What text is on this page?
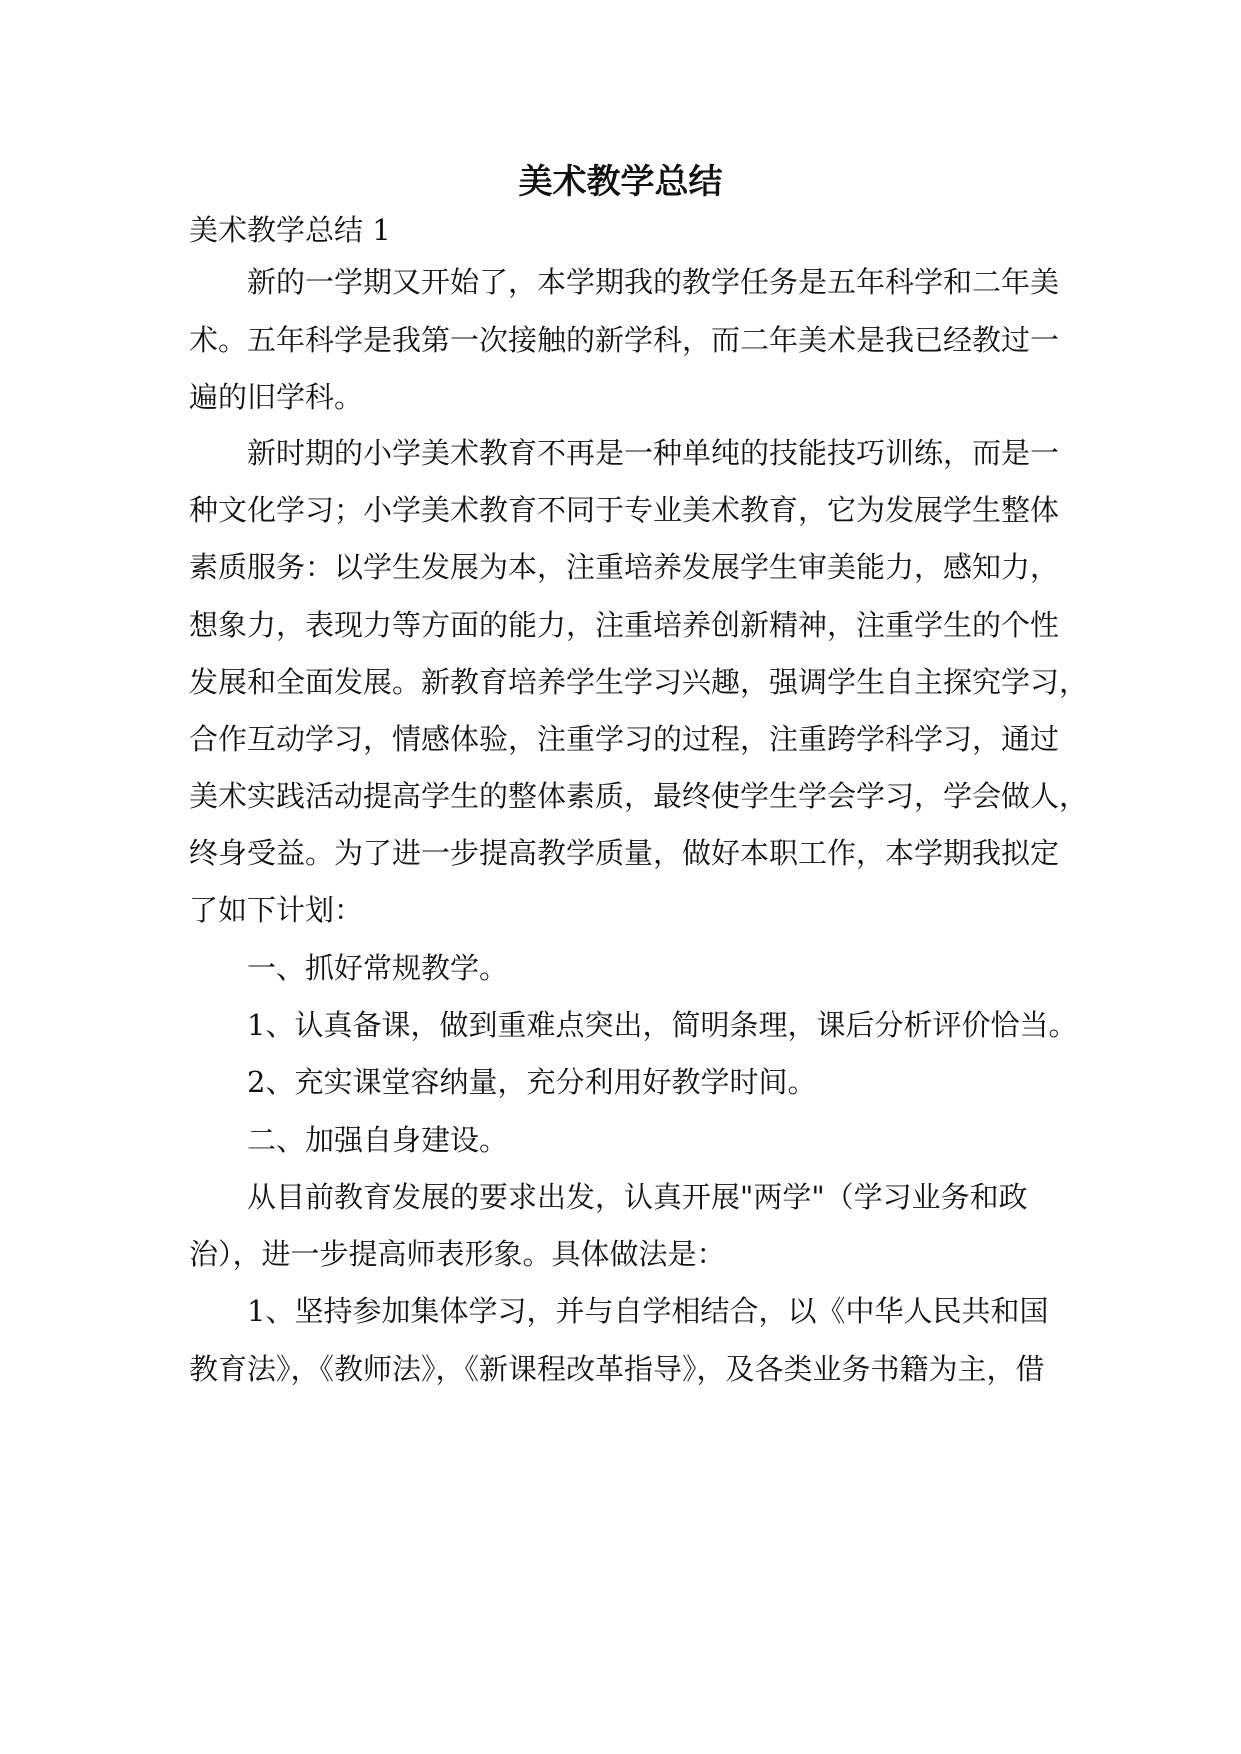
美术教学总结
美术教学总结 1
新的一学期又开始了，本学期我的教学任务是五年科学和二年美
术。五年科学是我第一次接触的新学科，而二年美术是我已经教过一
遍的旧学科。
新时期的小学美术教育不再是一种单纯的技能技巧训练，而是一
种文化学习；小学美术教育不同于专业美术教育，它为发展学生整体
素质服务：以学生发展为本，注重培养发展学生审美能力，感知力，
想象力，表现力等方面的能力，注重培养创新精神，注重学生的个性
发展和全面发展。新教育培养学生学习兴趣，强调学生自主探究学习，
合作互动学习，情感体验，注重学习的过程，注重跨学科学习，通过
美术实践活动提高学生的整体素质，最终使学生学会学习，学会做人，
终身受益。为了进一步提高教学质量，做好本职工作，本学期我拟定
了如下计划：
一、抓好常规教学。
1、认真备课，做到重难点突出，简明条理，课后分析评价恰当。
2、充实课堂容纳量，充分利用好教学时间。
二、加强自身建设。
从目前教育发展的要求出发，认真开展"两学"（学习业务和政
治），进一步提高师表形象。具体做法是：
1、坚持参加集体学习，并与自学相结合，以《中华人民共和国
教育法》，《教师法》，《新课程改革指导》，及各类业务书籍为主，借
